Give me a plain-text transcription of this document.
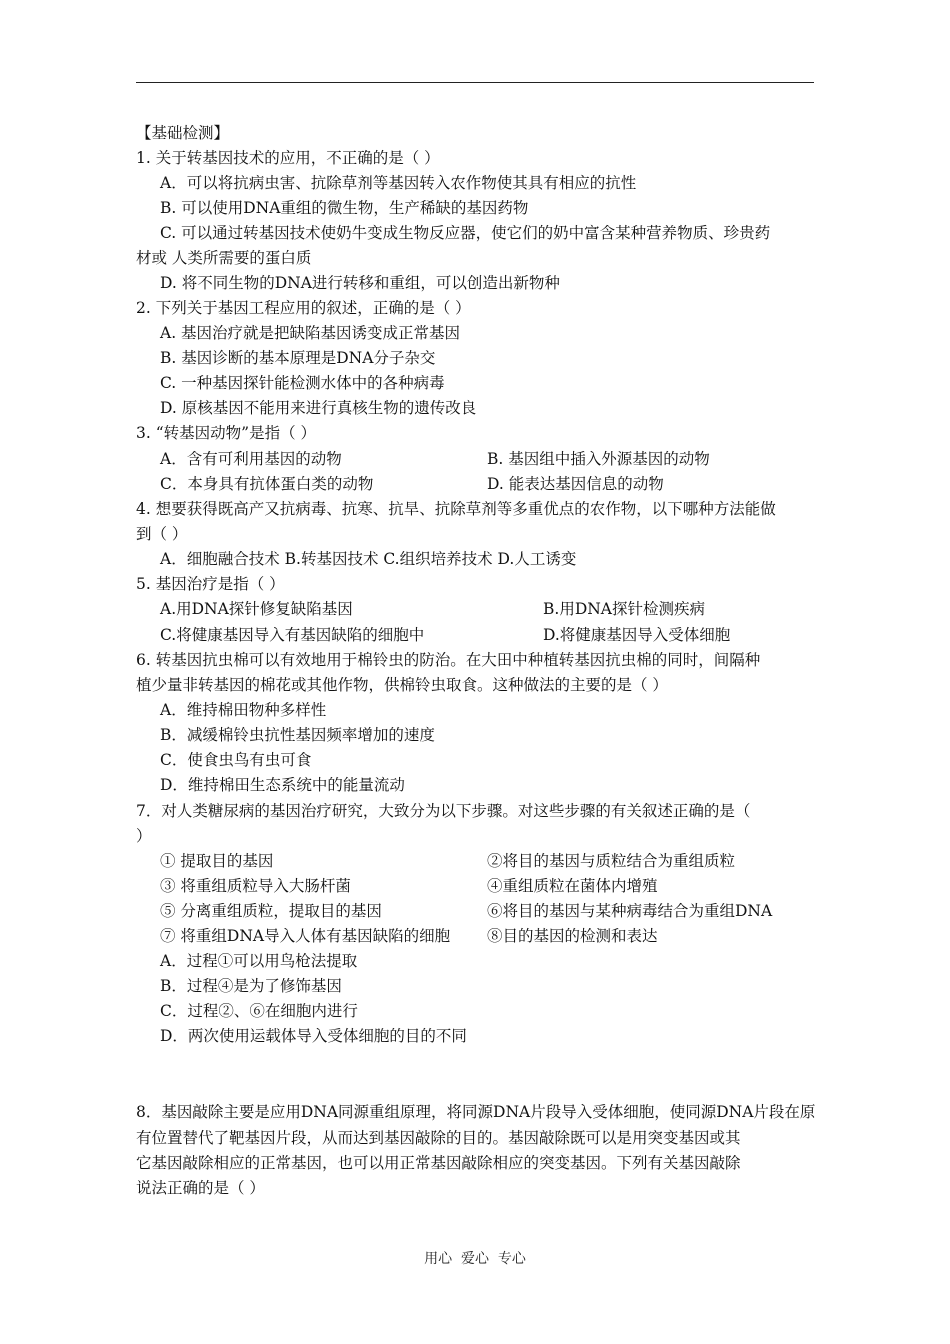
【基础检测】
1. 关于转基因技术的应用，不正确的是（ ）
A．可以将抗病虫害、抗除草剂等基因转入农作物使其具有相应的抗性
B. 可以使用DNA重组的微生物，生产稀缺的基因药物
C. 可以通过转基因技术使奶牛变成生物反应器，使它们的奶中富含某种营养物质、珍贵药
材或 人类所需要的蛋白质
D. 将不同生物的DNA进行转移和重组，可以创造出新物种
2. 下列关于基因工程应用的叙述，正确的是（ ）
A. 基因治疗就是把缺陷基因诱变成正常基因
B. 基因诊断的基本原理是DNA分子杂交
C. 一种基因探针能检测水体中的各种病毒
D. 原核基因不能用来进行真核生物的遗传改良
3. “转基因动物”是指（ ）
A．含有可利用基因的动物	B. 基因组中插入外源基因的动物
C．本身具有抗体蛋白类的动物	D. 能表达基因信息的动物
4. 想要获得既高产又抗病毒、抗寒、抗旱、抗除草剂等多重优点的农作物，以下哪种方法能做
到（ ）
A．细胞融合技术 B.转基因技术 C.组织培养技术 D.人工诱变
5. 基因治疗是指（ ）
A.用DNA探针修复缺陷基因	B.用DNA探针检测疾病
C.将健康基因导入有基因缺陷的细胞中	D.将健康基因导入受体细胞
6. 转基因抗虫棉可以有效地用于棉铃虫的防治。在大田中种植转基因抗虫棉的同时，间隔种
植少量非转基因的棉花或其他作物，供棉铃虫取食。这种做法的主要的是（ ）
A．维持棉田物种多样性
B．减缓棉铃虫抗性基因频率增加的速度
C．使食虫鸟有虫可食
D．维持棉田生态系统中的能量流动
7．对人类糖尿病的基因治疗研究，大致分为以下步骤。对这些步骤的有关叙述正确的是（
）
① 提取目的基因	②将目的基因与质粒结合为重组质粒
③ 将重组质粒导入大肠杆菌	④重组质粒在菌体内增殖
⑤ 分离重组质粒，提取目的基因	⑥将目的基因与某种病毒结合为重组DNA
⑦ 将重组DNA导入人体有基因缺陷的细胞 ⑧目的基因的检测和表达
A．过程①可以用鸟枪法提取
B．过程④是为了修饰基因
C．过程②、⑥在细胞内进行
D．两次使用运载体导入受体细胞的目的不同
8．基因敲除主要是应用DNA同源重组原理，将同源DNA片段导入受体细胞，使同源DNA片段在原
有位置替代了靶基因片段，从而达到基因敲除的目的。基因敲除既可以是用突变基因或其
它基因敲除相应的正常基因，也可以用正常基因敲除相应的突变基因。下列有关基因敲除
说法正确的是（ ）
用心  爱心  专心
